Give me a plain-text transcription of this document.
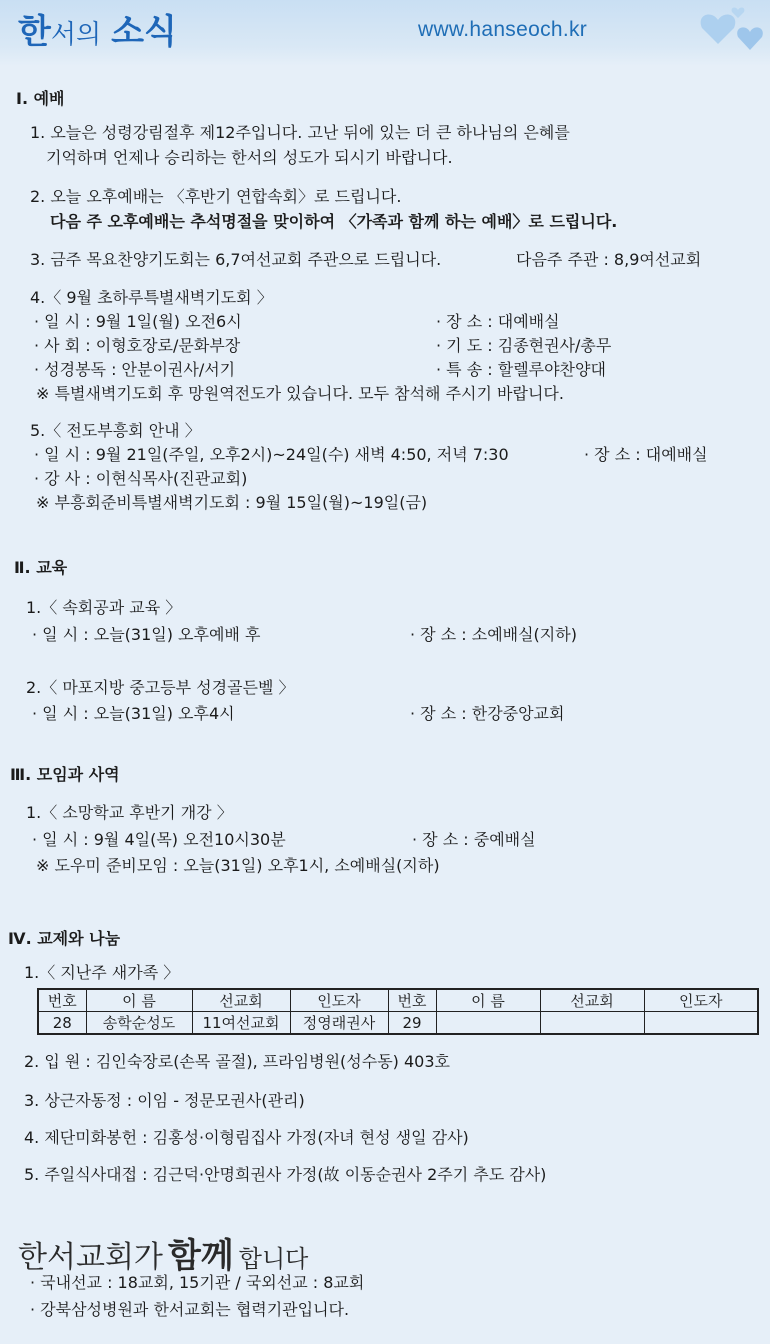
한서의 소식	www.hanseoch.kr
Ⅰ. 예배
1. 오늘은 성령강림절후 제12주입니다. 고난 뒤에 있는 더 큰 하나님의 은혜를
기억하며 언제나 승리하는 한서의 성도가 되시기 바랍니다.
2. 오늘 오후예배는 〈후반기 연합속회〉로 드립니다.
다음 주 오후예배는 추석명절을 맞이하여 〈가족과 함께 하는 예배〉로 드립니다.
3. 금주 목요찬양기도회는 6,7여선교회 주관으로 드립니다.	다음주 주관 : 8,9여선교회
4.〈 9월 초하루특별새벽기도회 〉
· 일 시 : 9월 1일(월) 오전6시	· 장 소 : 대예배실
· 사 회 : 이형호장로/문화부장	· 기 도 : 김종현권사/총무
· 성경봉독 : 안분이권사/서기	· 특 송 : 할렐루야찬양대
※ 특별새벽기도회 후 망원역전도가 있습니다. 모두 참석해 주시기 바랍니다.
5.〈 전도부흥회 안내 〉
· 일 시 : 9월 21일(주일, 오후2시)~24일(수) 새벽 4:50, 저녁 7:30	· 장 소 : 대예배실
· 강 사 : 이현식목사(진관교회)
※ 부흥회준비특별새벽기도회 : 9월 15일(월)~19일(금)
Ⅱ. 교육
1.〈 속회공과 교육 〉
· 일 시 : 오늘(31일) 오후예배 후	· 장 소 : 소예배실(지하)
2.〈 마포지방 중고등부 성경골든벨 〉
· 일 시 : 오늘(31일) 오후4시	· 장 소 : 한강중앙교회
Ⅲ. 모임과 사역
1.〈 소망학교 후반기 개강 〉
· 일 시 : 9월 4일(목) 오전10시30분	· 장 소 : 중예배실
※ 도우미 준비모임 : 오늘(31일) 오후1시, 소예배실(지하)
Ⅳ. 교제와 나눔
1.〈 지난주 새가족 〉
번호	이 름	선교회	인도자	번호	이 름	선교회	인도자
28	송학순성도	11여선교회	정영래권사	29			
2. 입 원 : 김인숙장로(손목 골절), 프라임병원(성수동) 403호
3. 상근자동정 : 이임 - 정문모권사(관리)
4. 제단미화봉헌 : 김홍성·이형림집사 가정(자녀 현성 생일 감사)
5. 주일식사대접 : 김근덕·안명희권사 가정(故 이동순권사 2주기 추도 감사)
한서교회가 함께 합니다
· 국내선교 : 18교회, 15기관 / 국외선교 : 8교회
· 강북삼성병원과 한서교회는 협력기관입니다.
